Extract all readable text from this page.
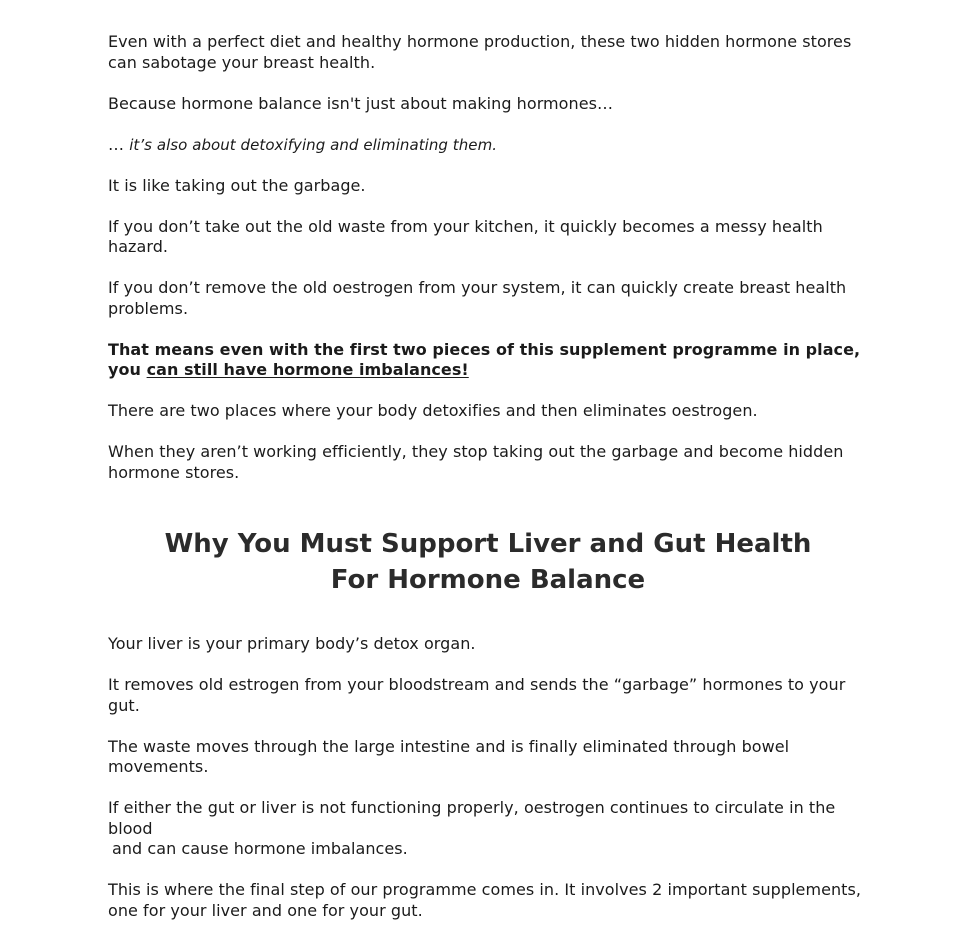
Even with a perfect diet and healthy hormone production, these two hidden hormone stores can sabotage your breast health.

Because hormone balance isn't just about making hormones…

… it’s also about detoxifying and eliminating them.

It is like taking out the garbage.

If you don’t take out the old waste from your kitchen, it quickly becomes a messy health hazard.

If you don’t remove the old oestrogen from your system, it can quickly create breast health problems.

That means even with the first two pieces of this supplement programme in place, you can still have hormone imbalances!

There are two places where your body detoxifies and then eliminates oestrogen.

When they aren’t working efficiently, they stop taking out the garbage and become hidden hormone stores.

Why You Must Support Liver and Gut Health For Hormone Balance

Your liver is your primary body’s detox organ.

It removes old estrogen from your bloodstream and sends the “garbage” hormones to your gut.

The waste moves through the large intestine and is finally eliminated through bowel movements.

If either the gut or liver is not functioning properly, oestrogen continues to circulate in the blood
and can cause hormone imbalances.

This is where the final step of our programme comes in. It involves 2 important supplements, one for your liver and one for your gut.
